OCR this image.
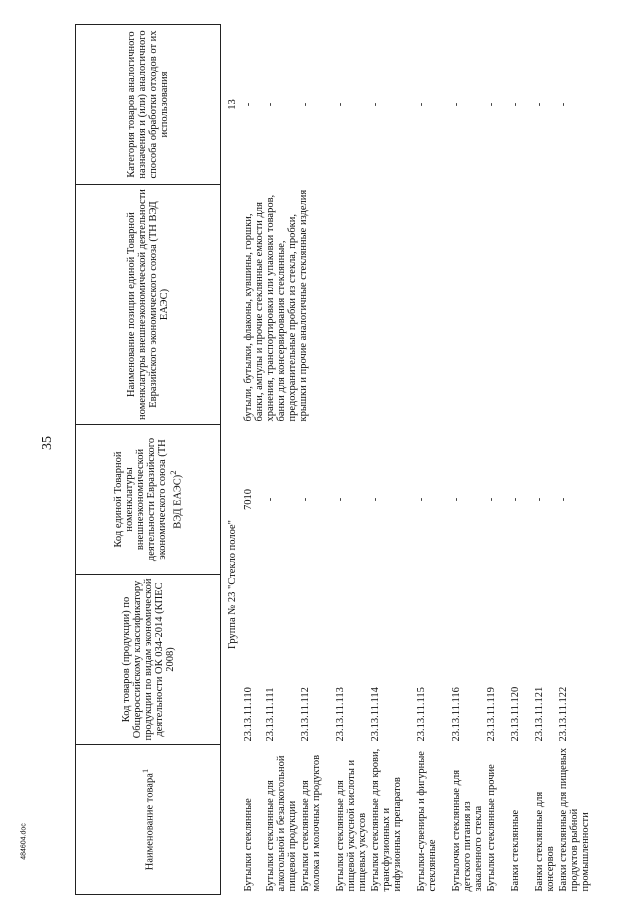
35
484604.doc	Наименование товара$^1$	Код товаров (продукции) по Общероссийскому классификатору продукции по видам экономической деятельности ОК 034-2014 (КПЕС 2008)	Код единой Товарной номенклатуры внешнеэкономической деятельности Евразийского экономического союза (ТН ВЭД ЕАЭС)$^2$	Наименование позиции единой Товарной номенклатуры внешнеэкономической деятельности Евразийского экономического союза (ТН ВЭД ЕАЭС)	Категория товаров аналогичного назначения и (или) аналогичного способа обработки отходов от их использования
	Группа № 23 "Стекло полое"			13
Бутылки стеклянные	23.13.11.110	7010	бутыли, бутылки, флаконы, кувшины, горшки, банки, ампулы и прочие стеклянные емкости для хранения, транспортировки или упаковки товаров, банки для консервирования стеклянные, предохранительные пробки из стекла, пробки, крышки и прочие аналогичные стеклянные изделия	-
Бутылки стеклянные для алкогольной и безалкогольной пищевой продукции	23.13.11.111	-		-
Бутылки стеклянные для молока и молочных продуктов	23.13.11.112	-		-
Бутылки стеклянные для пищевой уксусной кислоты и пищевых уксусов	23.13.11.113	-		-
Бутылки стеклянные для крови, трансфузионных и инфузионных препаратов	23.13.11.114	-		-
Бутылки-сувениры и фигурные стеклянные	23.13.11.115	-		-
Бутылочки стеклянные для детского питания из закаленного стекла	23.13.11.116	-		-
Бутылки стеклянные прочие	23.13.11.119	-		-
Банки стеклянные	23.13.11.120	-		-
Банки стеклянные для консервов	23.13.11.121	-		-
Банки стеклянные для пищевых продуктов рыбной промышленности	23.13.11.122	-		-
